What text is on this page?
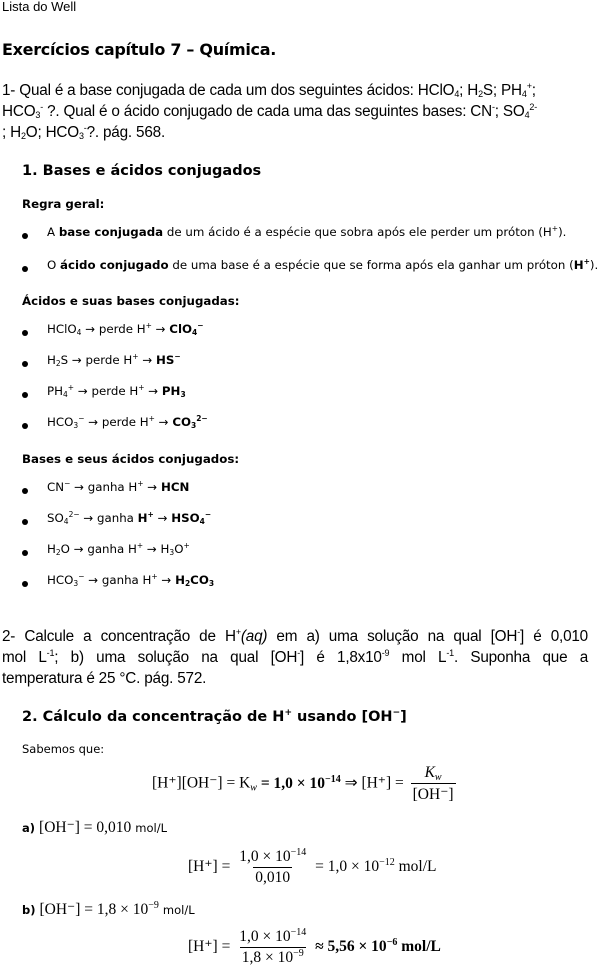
Lista do Well
Exercícios capítulo 7 – Química.
1- Qual é a base conjugada de cada um dos seguintes ácidos: HClO$_4$; $H_2S$; $PH_4^+$;
$HCO_3^-$ ?. Qual é o ácido conjugado de cada uma das seguintes bases: CN-; $SO_4^{2-}$
; $H_2O$; $HCO_3^-$?. pág. 568.
1. Bases e ácidos conjugados
Regra geral:
A base conjugada de um ácido é a espécie que sobra após ele perder um próton (H+).
O ácido conjugado de uma base é a espécie que se forma após ela ganhar um próton (H+).
Ácidos e suas bases conjugadas:
HClO$_4$ → perde H+ → ClO$_4$−
$H_2S$ → perde H+ → HS−
$PH_4^+$ → perde $H^+ \to PH_3$
$HCO_3^-$ → perde $H^+ \to CO_3^{2-}$
Bases e seus ácidos conjugados:
CN− → ganha H+ → HCN
$SO_4^{2-}$ → ganha $H^+ \to HSO_4^-$
$H_2O$ → ganha $H^+ \to H_3O^+$
$HCO_3^-$ → ganha $H^+ \to H_2CO_3$
2- Calcule a concentração de H+(aq) em a) uma solução na qual [OH-] é 0,010
mol $L^{-1}$; b) uma solução na qual [OH-] é $1,8x10^{-9}$ mol $L^{-1}$. Suponha que a
temperatura é 25 °C. pág. 572.
2. Cálculo da concentração de H+ usando [OH−]
Sabemos que:
$[H^+][OH^-] = K_w = 1,0 \times 10^{-14}$ ⇒ $[H^+] = \frac{K_w}{[OH^-]}$
a) [OH⁻] = 0,010 mol/L
$[H^+] = \frac{1,0 \times 10^{-14}}{0,010} = 1,0 \times 10^{-12}$ mol/L
b) $[OH^-] = 1,8 \times 10^{-9}$ mol/L
$[H^+] = \frac{1,0 \times 10^{-14}}{1,8 \times 10^{-9}} \approx 5,56 \times 10^{-6}$ mol/L
